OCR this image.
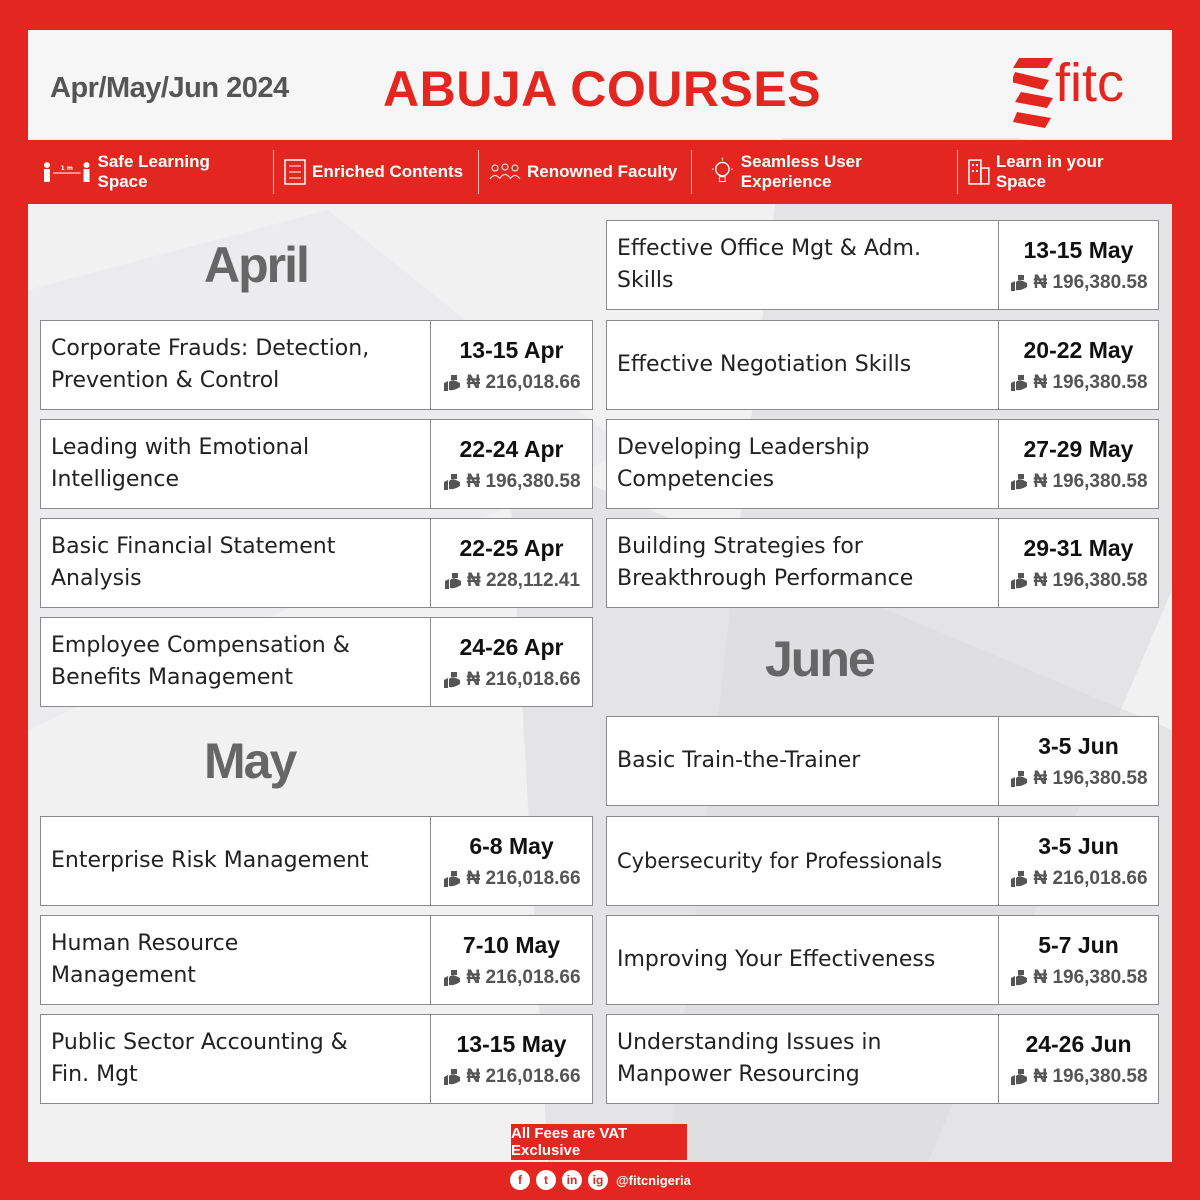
Apr/May/Jun 2024 ABUJA COURSES	fitc
1 m Safe Learning Space
Enriched Contents	Renowned Faculty
Seamless User Experience
Learn in your Space
April
Corporate Frauds: Detection,
Prevention & Control
13-15 Apr
₦ 216,018.66
Leading with Emotional
Intelligence
22-24 Apr
₦ 196,380.58
Basic Financial Statement
Analysis
22-25 Apr
₦ 228,112.41
Employee Compensation &
Benefits Management
24-26 Apr
₦ 216,018.66
May
Enterprise Risk Management
6-8 May
₦ 216,018.66
Human Resource
Management
7-10 May
₦ 216,018.66
Public Sector Accounting &
Fin. Mgt
13-15 May
₦ 216,018.66
Effective Office Mgt & Adm.
Skills
13-15 May
₦ 196,380.58
Effective Negotiation Skills
20-22 May
₦ 196,380.58
Developing Leadership
Competencies
27-29 May
₦ 196,380.58
Building Strategies for
Breakthrough Performance
29-31 May
₦ 196,380.58
June
Basic Train-the-Trainer
3-5 Jun
₦ 196,380.58
Cybersecurity for Professionals
3-5 Jun
₦ 216,018.66
Improving Your Effectiveness
5-7 Jun
₦ 196,380.58
Understanding Issues in
Manpower Resourcing
24-26 Jun
₦ 196,380.58
All Fees are VAT Exclusive
f	t	in	ig @fitcnigeria
